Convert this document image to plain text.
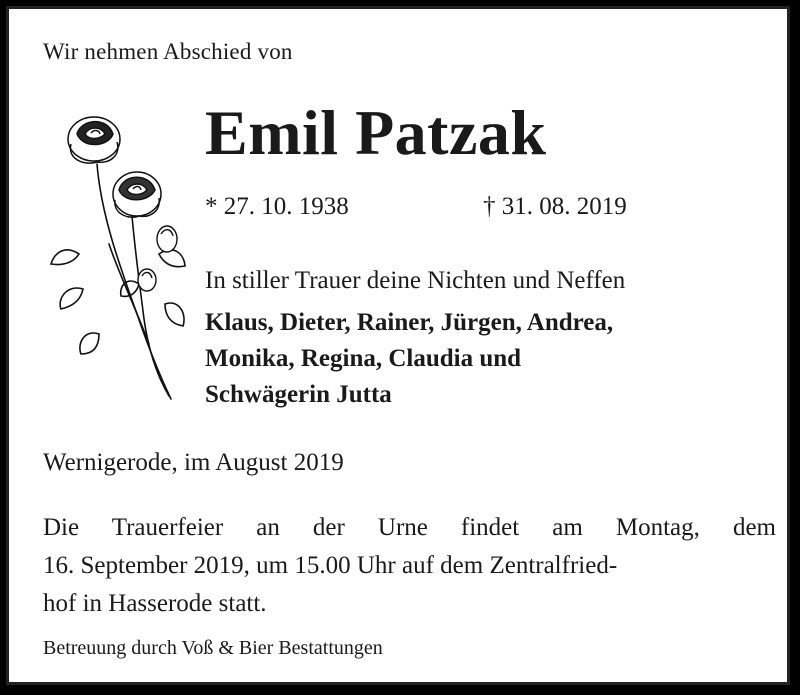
Wir nehmen Abschied von
Emil Patzak
* 27. 10. 1938	† 31. 08. 2019
In stiller Trauer deine Nichten und Neffen
Klaus, Dieter, Rainer, Jürgen, Andrea,
Monika, Regina, Claudia und
Schwägerin Jutta
Wernigerode, im August 2019
Die Trauerfeier an der Urne findet am Montag, dem
16. September 2019, um 15.00 Uhr auf dem Zentralfried-
hof in Hasserode statt.
Betreuung durch Voß & Bier Bestattungen
